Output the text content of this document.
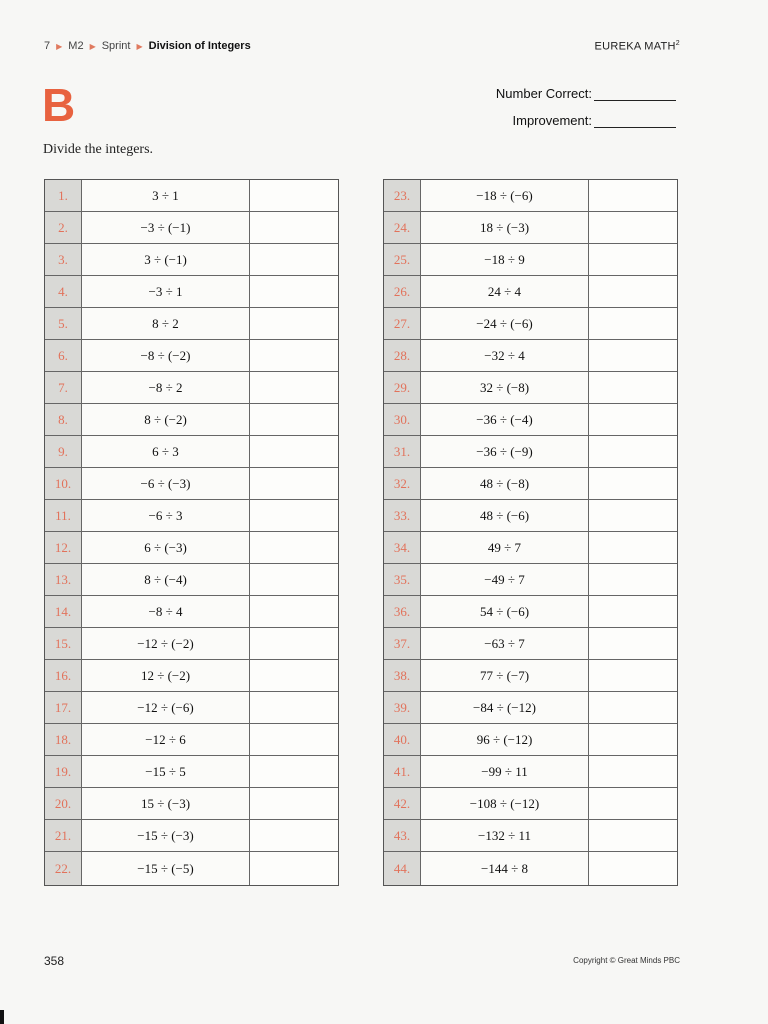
7 ▶ M2 ▶ Sprint ▶ Division of Integers	EUREKA MATH$^2$
B	Number Correct:
Improvement:
Divide the integers.
1.	3 ÷ 1
2.	−3 ÷ (−1)
3.	3 ÷ (−1)
4.	−3 ÷ 1
5.	8 ÷ 2
6.	−8 ÷ (−2)
7.	−8 ÷ 2
8.	8 ÷ (−2)
9.	6 ÷ 3
10.	−6 ÷ (−3)
11.	−6 ÷ 3
12.	6 ÷ (−3)
13.	8 ÷ (−4)
14.	−8 ÷ 4
15.	−12 ÷ (−2)
16.	12 ÷ (−2)
17.	−12 ÷ (−6)
18.	−12 ÷ 6
19.	−15 ÷ 5
20.	15 ÷ (−3)
21.	−15 ÷ (−3)
22.	−15 ÷ (−5)
23.	−18 ÷ (−6)
24.	18 ÷ (−3)
25.	−18 ÷ 9
26.	24 ÷ 4
27.	−24 ÷ (−6)
28.	−32 ÷ 4
29.	32 ÷ (−8)
30.	−36 ÷ (−4)
31.	−36 ÷ (−9)
32.	48 ÷ (−8)
33.	48 ÷ (−6)
34.	49 ÷ 7
35.	−49 ÷ 7
36.	54 ÷ (−6)
37.	−63 ÷ 7
38.	77 ÷ (−7)
39.	−84 ÷ (−12)
40.	96 ÷ (−12)
41.	−99 ÷ 11
42.	−108 ÷ (−12)
43.	−132 ÷ 11
44.	−144 ÷ 8
358	Copyright © Great Minds PBC
